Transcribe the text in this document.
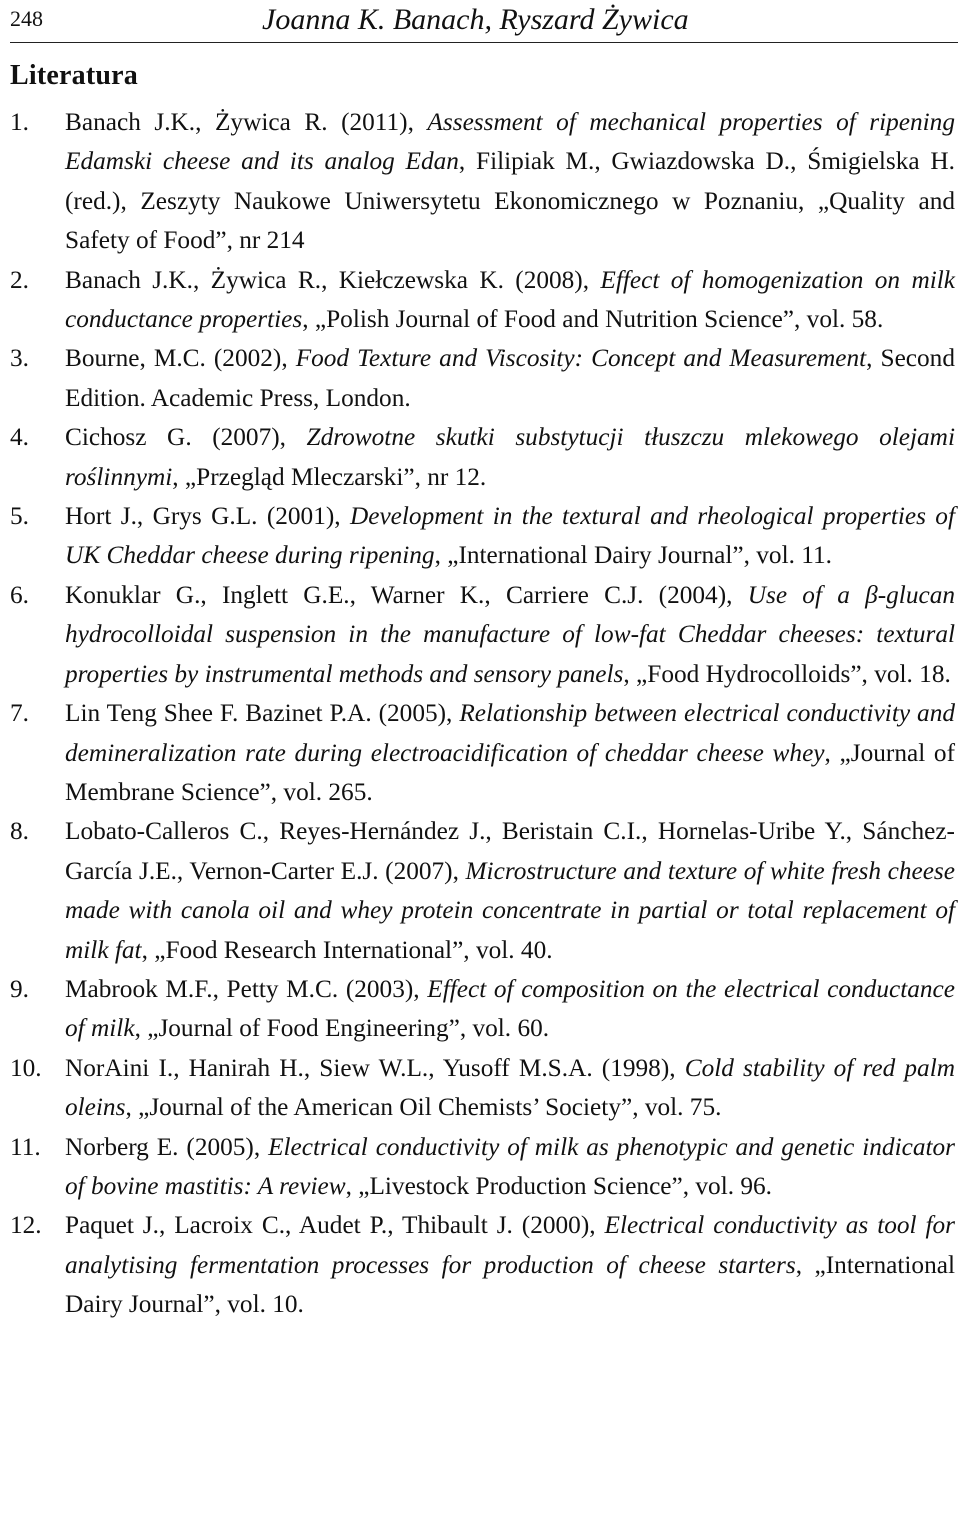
248	Joanna K. Banach, Ryszard Żywica
Literatura
1. Banach J.K., Żywica R. (2011), Assessment of mechanical properties of ripening Edamski cheese and its analog Edan, Filipiak M., Gwiazdowska D., Śmigielska H. (red.), Zeszyty Naukowe Uniwersytetu Ekonomicznego w Poznaniu, „Quality and Safety of Food”, nr 214
2. Banach J.K., Żywica R., Kiełczewska K. (2008), Effect of homogenization on milk conductance properties, „Polish Journal of Food and Nutrition Science”, vol. 58.
3. Bourne, M.C. (2002), Food Texture and Viscosity: Concept and Measurement, Second Edition. Academic Press, London.
4. Cichosz G. (2007), Zdrowotne skutki substytucji tłuszczu mlekowego olejami roślinnymi, „Przegląd Mleczarski”, nr 12.
5. Hort J., Grys G.L. (2001), Development in the textural and rheological properties of UK Cheddar cheese during ripening, „International Dairy Journal”, vol. 11.
6. Konuklar G., Inglett G.E., Warner K., Carriere C.J. (2004), Use of a β-glucan hydrocolloidal suspension in the manufacture of low-fat Cheddar cheeses: textural properties by instrumental methods and sensory panels, „Food Hydrocolloids”, vol. 18.
7. Lin Teng Shee F. Bazinet P.A. (2005), Relationship between electrical conductivity and demineralization rate during electroacidification of cheddar cheese whey, „Journal of Membrane Science”, vol. 265.
8. Lobato-Calleros C., Reyes-Hernández J., Beristain C.I., Hornelas-Uribe Y., Sánchez-García J.E., Vernon-Carter E.J. (2007), Microstructure and texture of white fresh cheese made with canola oil and whey protein concentrate in partial or total replacement of milk fat, „Food Research International”, vol. 40.
9. Mabrook M.F., Petty M.C. (2003), Effect of composition on the electrical conductance of milk, „Journal of Food Engineering”, vol. 60.
10. NorAini I., Hanirah H., Siew W.L., Yusoff M.S.A. (1998), Cold stability of red palm oleins, „Journal of the American Oil Chemists’ Society”, vol. 75.
11. Norberg E. (2005), Electrical conductivity of milk as phenotypic and genetic indicator of bovine mastitis: A review, „Livestock Production Science”, vol. 96.
12. Paquet J., Lacroix C., Audet P., Thibault J. (2000), Electrical conductivity as tool for analytising fermentation processes for production of cheese starters, „International Dairy Journal”, vol. 10.
